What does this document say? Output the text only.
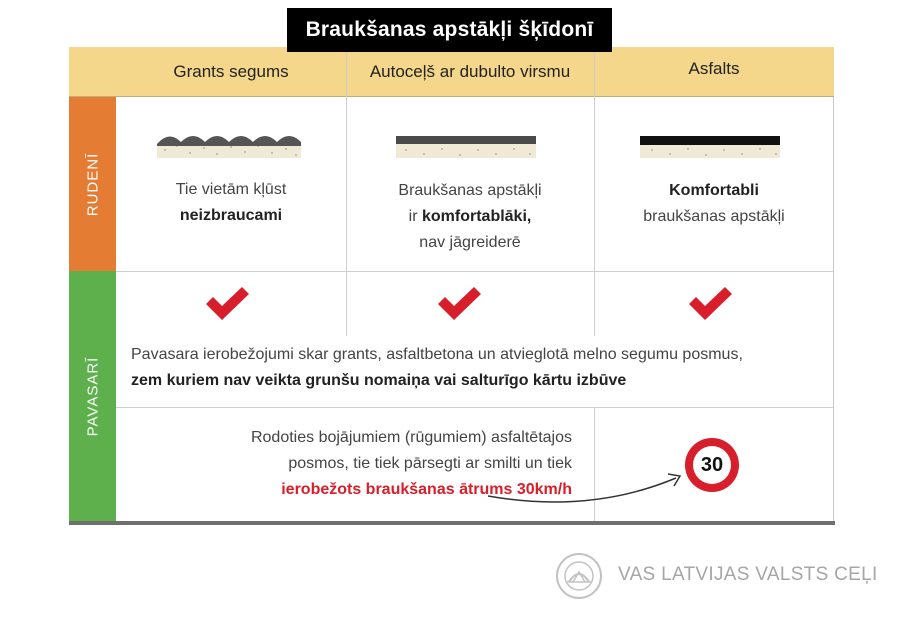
Braukšanas apstākļi šķīdonī
Grants segums	Autoceļš ar dubulto virsmu	Asfalts
RUDENĪ
PAVASARĪ
Tie vietām kļūst
neizbraucami
Braukšanas apstākļi
ir komfortablāki,
nav jāgreiderē
Komfortabli
braukšanas apstākļi
Pavasara ierobežojumi skar grants, asfaltbetona un atvieglotā melno segumu posmus,
zem kuriem nav veikta grunšu nomaiņa vai salturīgo kārtu izbūve
Rodoties bojājumiem (rūgumiem) asfaltētajos
posmos, tie tiek pārsegti ar smilti un tiek
ierobežots braukšanas ātrums 30km/h
30
VAS LATVIJAS VALSTS CEĻI
